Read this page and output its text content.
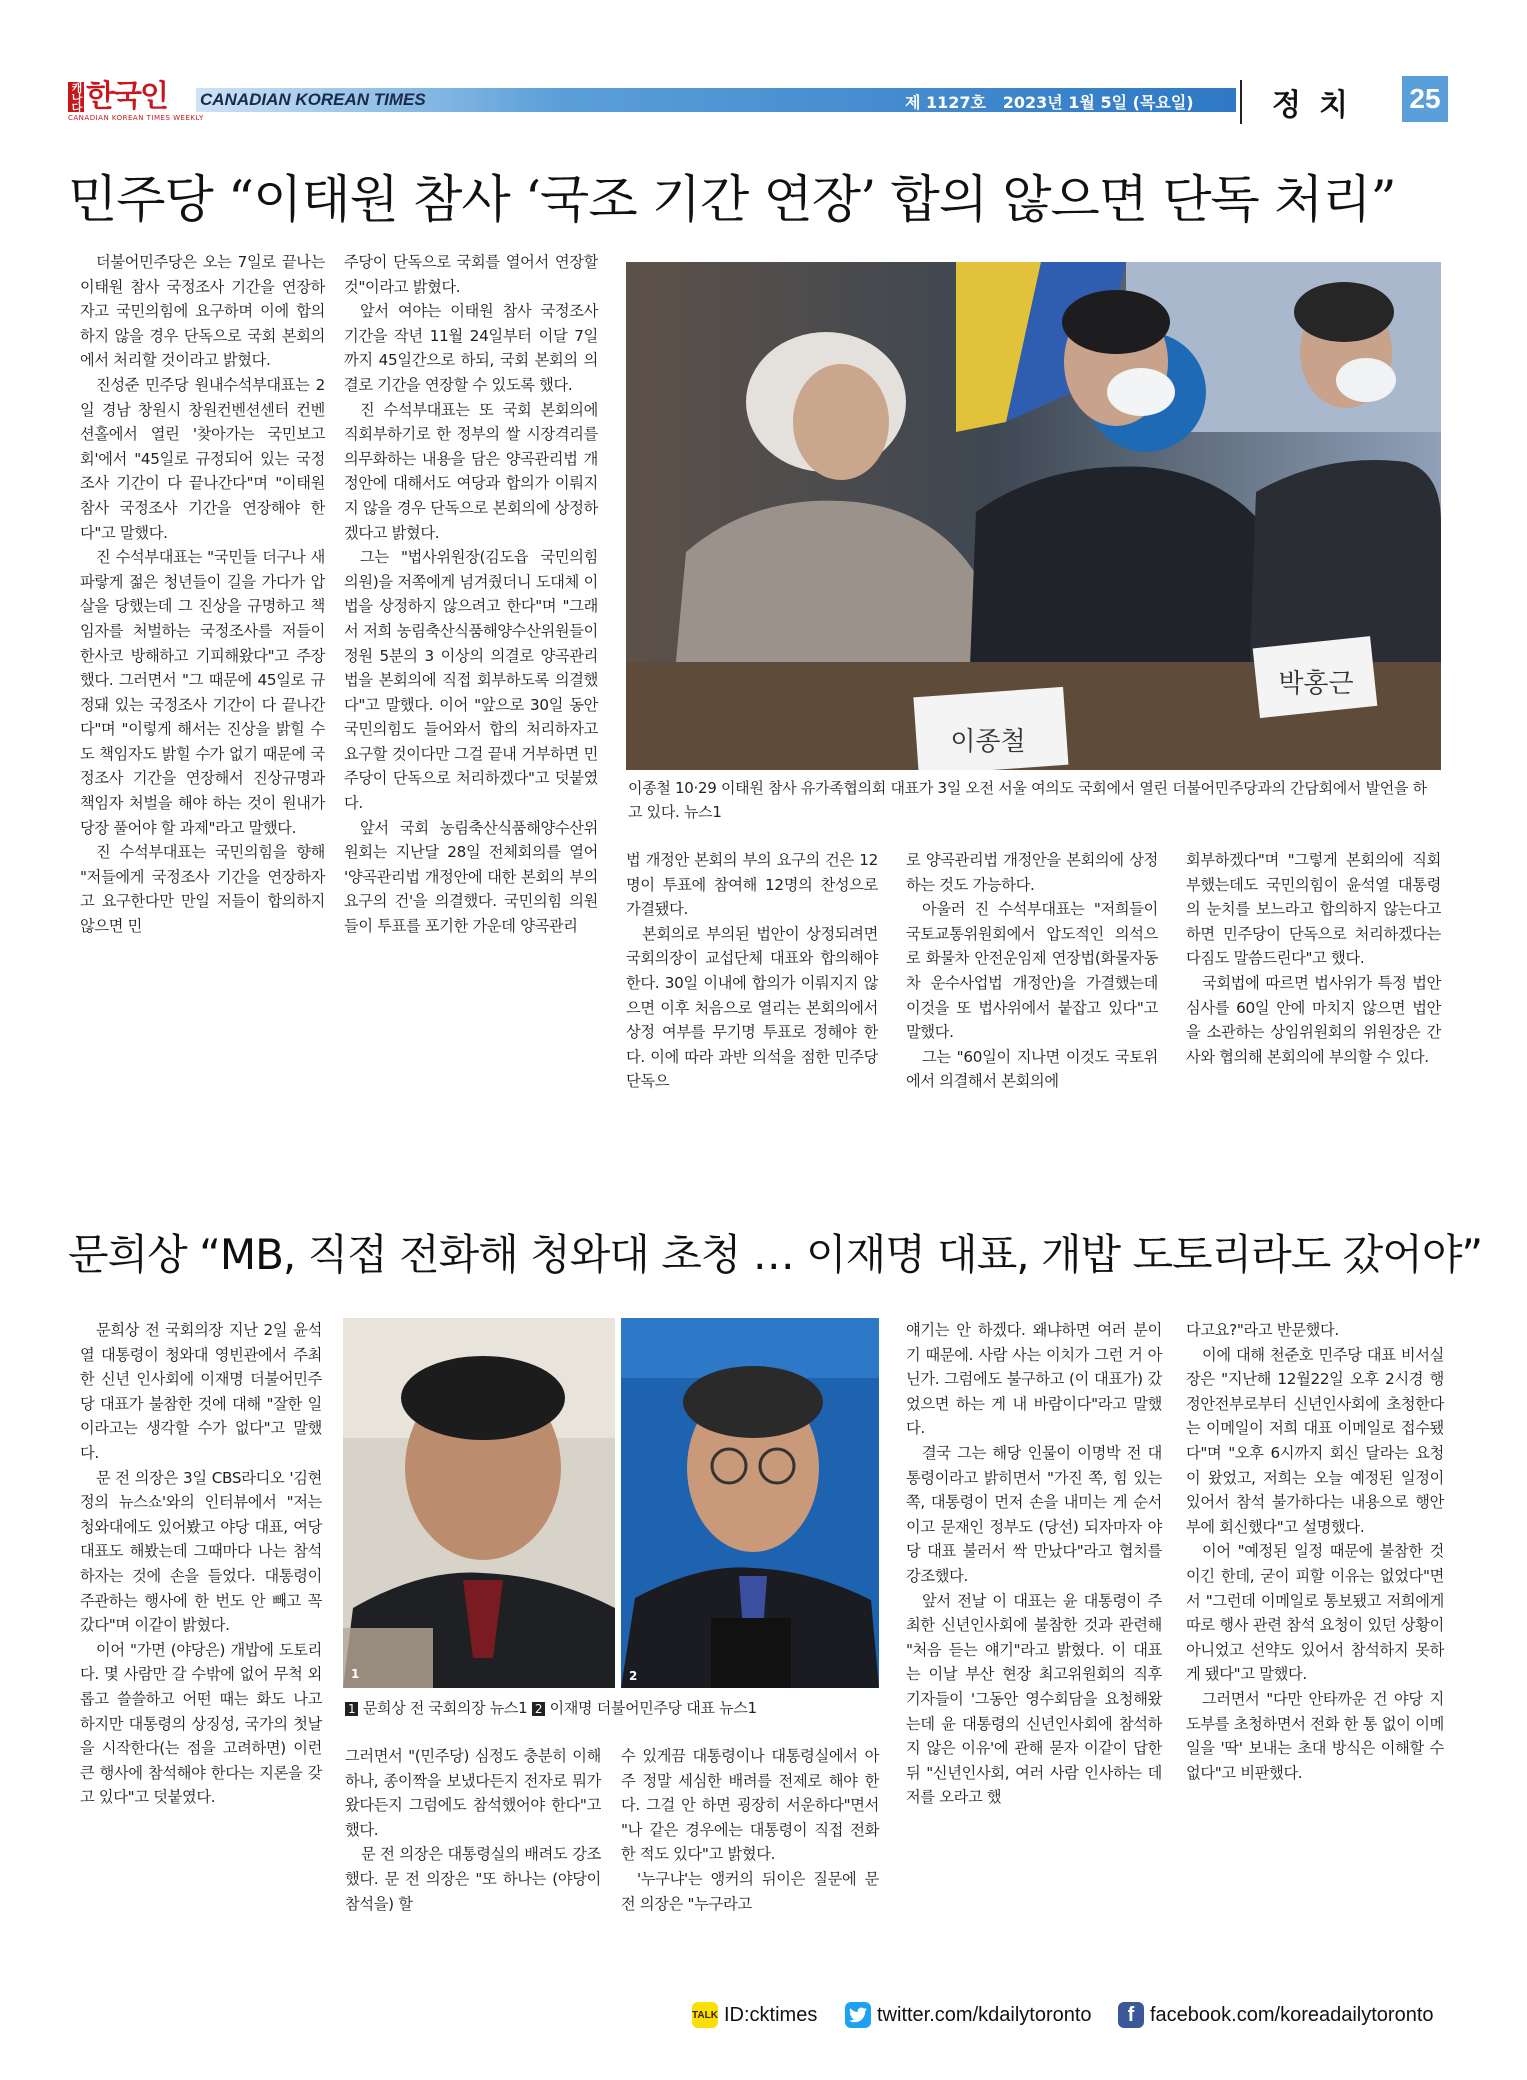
캐나다 한국인
CANADIAN KOREAN TIMES WEEKLY
CANADIAN KOREAN TIMES	제 1127호 2023년 1월 5일 (목요일)	정치 25
민주당 “이태원 참사 ‘국조 기간 연장’ 합의 않으면 단독 처리”

더불어민주당은 오는 7일로 끝나는 이태원 참사 국정조사 기간을 연장하자고 국민의힘에 요구하며 이에 합의하지 않을 경우 단독으로 국회 본회의에서 처리할 것이라고 밝혔다.

진성준 민주당 원내수석부대표는 2일 경남 창원시 창원컨벤션센터 컨벤션홀에서 열린 '찾아가는 국민보고회'에서 "45일로 규정되어 있는 국정조사 기간이 다 끝나간다"며 "이태원 참사 국정조사 기간을 연장해야 한다"고 말했다.

진 수석부대표는 "국민들 더구나 새파랗게 젊은 청년들이 길을 가다가 압살을 당했는데 그 진상을 규명하고 책임자를 처벌하는 국정조사를 저들이 한사코 방해하고 기피해왔다"고 주장했다. 그러면서 "그 때문에 45일로 규정돼 있는 국정조사 기간이 다 끝나간다"며 "이렇게 해서는 진상을 밝힐 수도 책임자도 밝힐 수가 없기 때문에 국정조사 기간을 연장해서 진상규명과 책임자 처벌을 해야 하는 것이 원내가 당장 풀어야 할 과제"라고 말했다.

진 수석부대표는 국민의힘을 향해 "저들에게 국정조사 기간을 연장하자고 요구한다만 만일 저들이 합의하지 않으면 민

주당이 단독으로 국회를 열어서 연장할 것"이라고 밝혔다.

앞서 여야는 이태원 참사 국정조사 기간을 작년 11월 24일부터 이달 7일까지 45일간으로 하되, 국회 본회의 의결로 기간을 연장할 수 있도록 했다.

진 수석부대표는 또 국회 본회의에 직회부하기로 한 정부의 쌀 시장격리를 의무화하는 내용을 담은 양곡관리법 개정안에 대해서도 여당과 합의가 이뤄지지 않을 경우 단독으로 본회의에 상정하겠다고 밝혔다.

그는 "법사위원장(김도읍 국민의힘 의원)을 저쪽에게 넘겨줬더니 도대체 이 법을 상정하지 않으려고 한다"며 "그래서 저희 농림축산식품해양수산위원들이 정원 5분의 3 이상의 의결로 양곡관리법을 본회의에 직접 회부하도록 의결했다"고 말했다. 이어 "앞으로 30일 동안 국민의힘도 들어와서 합의 처리하자고 요구할 것이다만 그걸 끝내 거부하면 민주당이 단독으로 처리하겠다"고 덧붙였다.

앞서 국회 농림축산식품해양수산위원회는 지난달 28일 전체회의를 열어 '양곡관리법 개정안에 대한 본회의 부의 요구의 건'을 의결했다. 국민의힘 의원들이 투표를 포기한 가운데 양곡관리

이종철
박홍근
이종철 10·29 이태원 참사 유가족협의회 대표가 3일 오전 서울 여의도 국회에서 열린 더불어민주당과의 간담회에서 발언을 하고 있다. 뉴스1

법 개정안 본회의 부의 요구의 건은 12명이 투표에 참여해 12명의 찬성으로 가결됐다.

본회의로 부의된 법안이 상정되려면 국회의장이 교섭단체 대표와 합의해야 한다. 30일 이내에 합의가 이뤄지지 않으면 이후 처음으로 열리는 본회의에서 상정 여부를 무기명 투표로 정해야 한다. 이에 따라 과반 의석을 점한 민주당 단독으

로 양곡관리법 개정안을 본회의에 상정하는 것도 가능하다.

아울러 진 수석부대표는 "저희들이 국토교통위원회에서 압도적인 의석으로 화물차 안전운임제 연장법(화물자동차 운수사업법 개정안)을 가결했는데 이것을 또 법사위에서 붙잡고 있다"고 말했다.

그는 "60일이 지나면 이것도 국토위에서 의결해서 본회의에

회부하겠다"며 "그렇게 본회의에 직회부했는데도 국민의힘이 윤석열 대통령의 눈치를 보느라고 합의하지 않는다고 하면 민주당이 단독으로 처리하겠다는 다짐도 말씀드린다"고 했다.

국회법에 따르면 법사위가 특정 법안 심사를 60일 안에 마치지 않으면 법안을 소관하는 상임위원회의 위원장은 간사와 협의해 본회의에 부의할 수 있다.

문희상 “MB, 직접 전화해 청와대 초청 … 이재명 대표, 개밥 도토리라도 갔어야”

문희상 전 국회의장 지난 2일 윤석열 대통령이 청와대 영빈관에서 주최한 신년 인사회에 이재명 더불어민주당 대표가 불참한 것에 대해 "잘한 일이라고는 생각할 수가 없다"고 말했다.

문 전 의장은 3일 CBS라디오 '김현정의 뉴스쇼'와의 인터뷰에서 "저는 청와대에도 있어봤고 야당 대표, 여당 대표도 해봤는데 그때마다 나는 참석하자는 것에 손을 들었다. 대통령이 주관하는 행사에 한 번도 안 빼고 꼭 갔다"며 이같이 밝혔다.

이어 "가면 (야당은) 개밥에 도토리다. 몇 사람만 갈 수밖에 없어 무척 외롭고 쓸쓸하고 어떤 때는 화도 나고 하지만 대통령의 상징성, 국가의 첫날을 시작한다(는 점을 고려하면) 이런 큰 행사에 참석해야 한다는 지론을 갖고 있다"고 덧붙였다.

1	2
1 문희상 전 국회의장 뉴스1 2 이재명 더불어민주당 대표 뉴스1

그러면서 "(민주당) 심정도 충분히 이해하나, 종이짝을 보냈다든지 전자로 뭐가 왔다든지 그럼에도 참석했어야 한다"고 했다.

문 전 의장은 대통령실의 배려도 강조했다. 문 전 의장은 "또 하나는 (야당이 참석을) 할

수 있게끔 대통령이나 대통령실에서 아주 정말 세심한 배려를 전제로 해야 한다. 그걸 안 하면 굉장히 서운하다"면서 "나 같은 경우에는 대통령이 직접 전화한 적도 있다"고 밝혔다.

'누구냐'는 앵커의 뒤이은 질문에 문 전 의장은 "누구라고

얘기는 안 하겠다. 왜냐하면 여러 분이기 때문에. 사람 사는 이치가 그런 거 아닌가. 그럼에도 불구하고 (이 대표가) 갔었으면 하는 게 내 바람이다"라고 말했다.

결국 그는 해당 인물이 이명박 전 대통령이라고 밝히면서 "가진 쪽, 힘 있는 쪽, 대통령이 먼저 손을 내미는 게 순서이고 문재인 정부도 (당선) 되자마자 야당 대표 불러서 싹 만났다"라고 협치를 강조했다.

앞서 전날 이 대표는 윤 대통령이 주최한 신년인사회에 불참한 것과 관련해 "처음 듣는 얘기"라고 밝혔다. 이 대표는 이날 부산 현장 최고위원회의 직후 기자들이 '그동안 영수회담을 요청해왔는데 윤 대통령의 신년인사회에 참석하지 않은 이유'에 관해 묻자 이같이 답한 뒤 "신년인사회, 여러 사람 인사하는 데 저를 오라고 했

다고요?"라고 반문했다.

이에 대해 천준호 민주당 대표 비서실장은 "지난해 12월22일 오후 2시경 행정안전부로부터 신년인사회에 초청한다는 이메일이 저희 대표 이메일로 접수됐다"며 "오후 6시까지 회신 달라는 요청이 왔었고, 저희는 오늘 예정된 일정이 있어서 참석 불가하다는 내용으로 행안부에 회신했다"고 설명했다.

이어 "예정된 일정 때문에 불참한 것이긴 한데, 굳이 피할 이유는 없었다"면서 "그런데 이메일로 통보됐고 저희에게 따로 행사 관련 참석 요청이 있던 상황이 아니었고 선약도 있어서 참석하지 못하게 됐다"고 말했다.

그러면서 "다만 안타까운 건 야당 지도부를 초청하면서 전화 한 통 없이 이메일을 '딱' 보내는 초대 방식은 이해할 수 없다"고 비판했다.

TALK ID:cktimes	twitter.com/kdailytoronto	f facebook.com/koreadailytoronto
